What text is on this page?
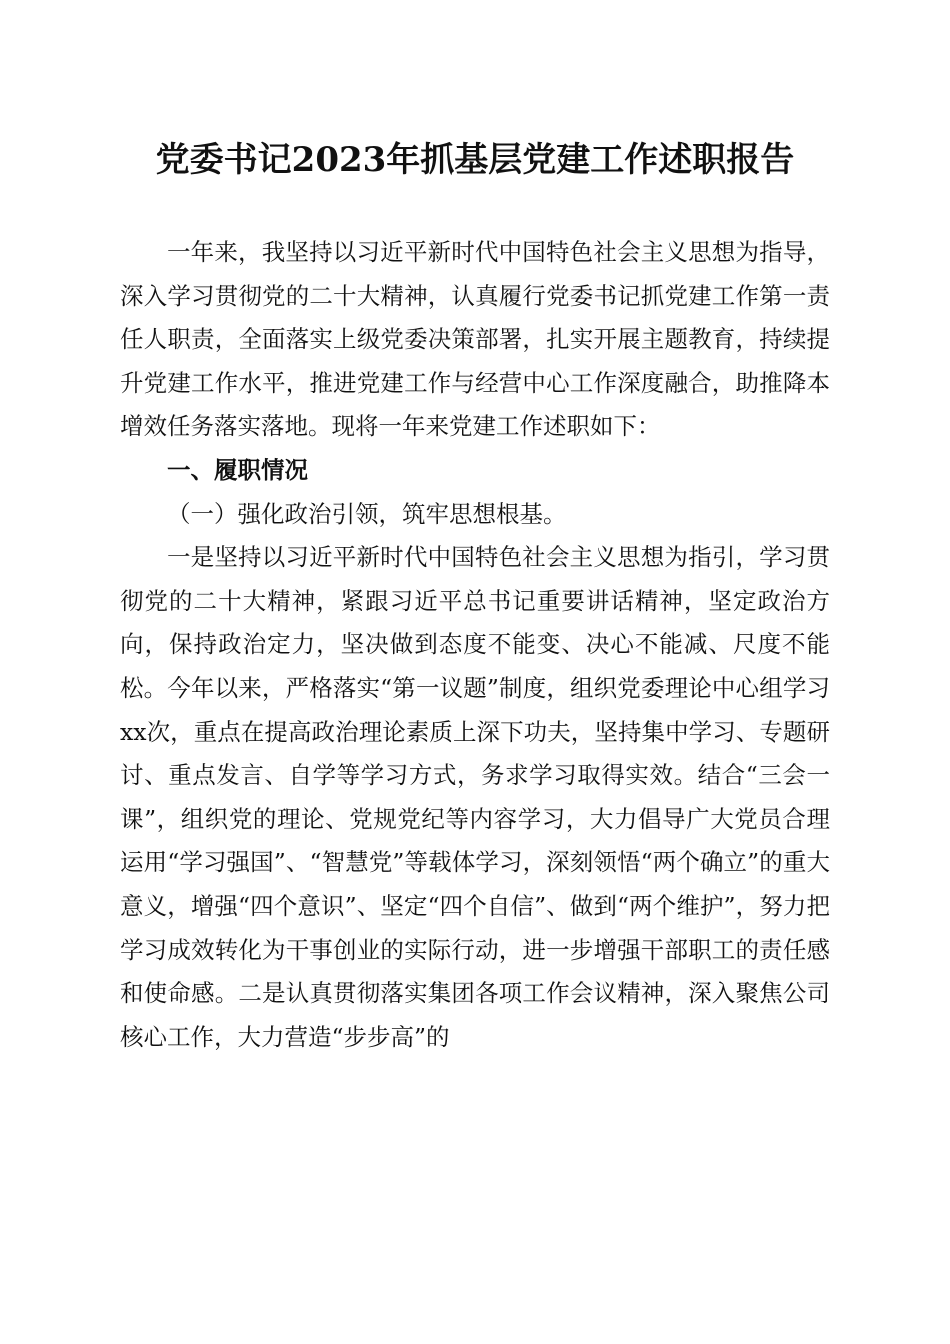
党委书记2023年抓基层党建工作述职报告

一年来，我坚持以习近平新时代中国特色社会主义思想为指导，深入学习贯彻党的二十大精神，认真履行党委书记抓党建工作第一责任人职责，全面落实上级党委决策部署，扎实开展主题教育，持续提升党建工作水平，推进党建工作与经营中心工作深度融合，助推降本增效任务落实落地。现将一年来党建工作述职如下：

一、履职情况

（一）强化政治引领，筑牢思想根基。

一是坚持以习近平新时代中国特色社会主义思想为指引，学习贯彻党的二十大精神，紧跟习近平总书记重要讲话精神，坚定政治方向，保持政治定力，坚决做到态度不能变、决心不能减、尺度不能松。今年以来，严格落实“第一议题”制度，组织党委理论中心组学习xx次，重点在提高政治理论素质上深下功夫，坚持集中学习、专题研讨、重点发言、自学等学习方式，务求学习取得实效。结合“三会一课”，组织党的理论、党规党纪等内容学习，大力倡导广大党员合理运用“学习强国”、“智慧党”等载体学习，深刻领悟“两个确立”的重大意义，增强“四个意识”、坚定“四个自信”、做到“两个维护”，努力把学习成效转化为干事创业的实际行动，进一步增强干部职工的责任感和使命感。二是认真贯彻落实集团各项工作会议精神，深入聚焦公司核心工作，大力营造“步步高”的
